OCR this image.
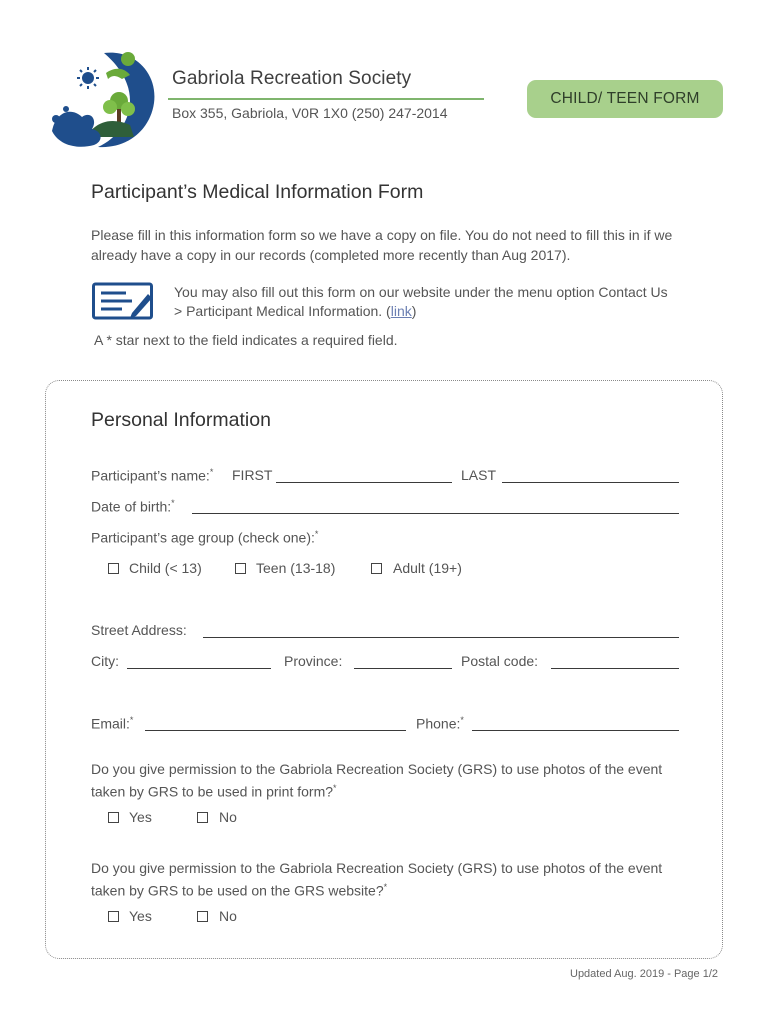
Gabriola Recreation Society
Box 355, Gabriola, V0R 1X0 (250) 247-2014
CHILD/ TEEN FORM
Participant’s Medical Information Form
Please fill in this information form so we have a copy on file. You do not need to fill this in if we already have a copy in our records (completed more recently than Aug 2017).
You may also fill out this form on our website under the menu option Contact Us > Participant Medical Information. (link)
A * star next to the field indicates a required field.
Personal Information
Participant’s name:* FIRST	LAST
Date of birth:*
Participant’s age group (check one):*
Child (< 13)	Teen (13-18)	Adult (19+)
Street Address:
City:	Province:	Postal code:
Email:*	Phone:*
Do you give permission to the Gabriola Recreation Society (GRS) to use photos of the event taken by GRS to be used in print form?*
Yes	No
Do you give permission to the Gabriola Recreation Society (GRS) to use photos of the event taken by GRS to be used on the GRS website?*
Yes	No
Updated Aug. 2019 - Page 1/2
